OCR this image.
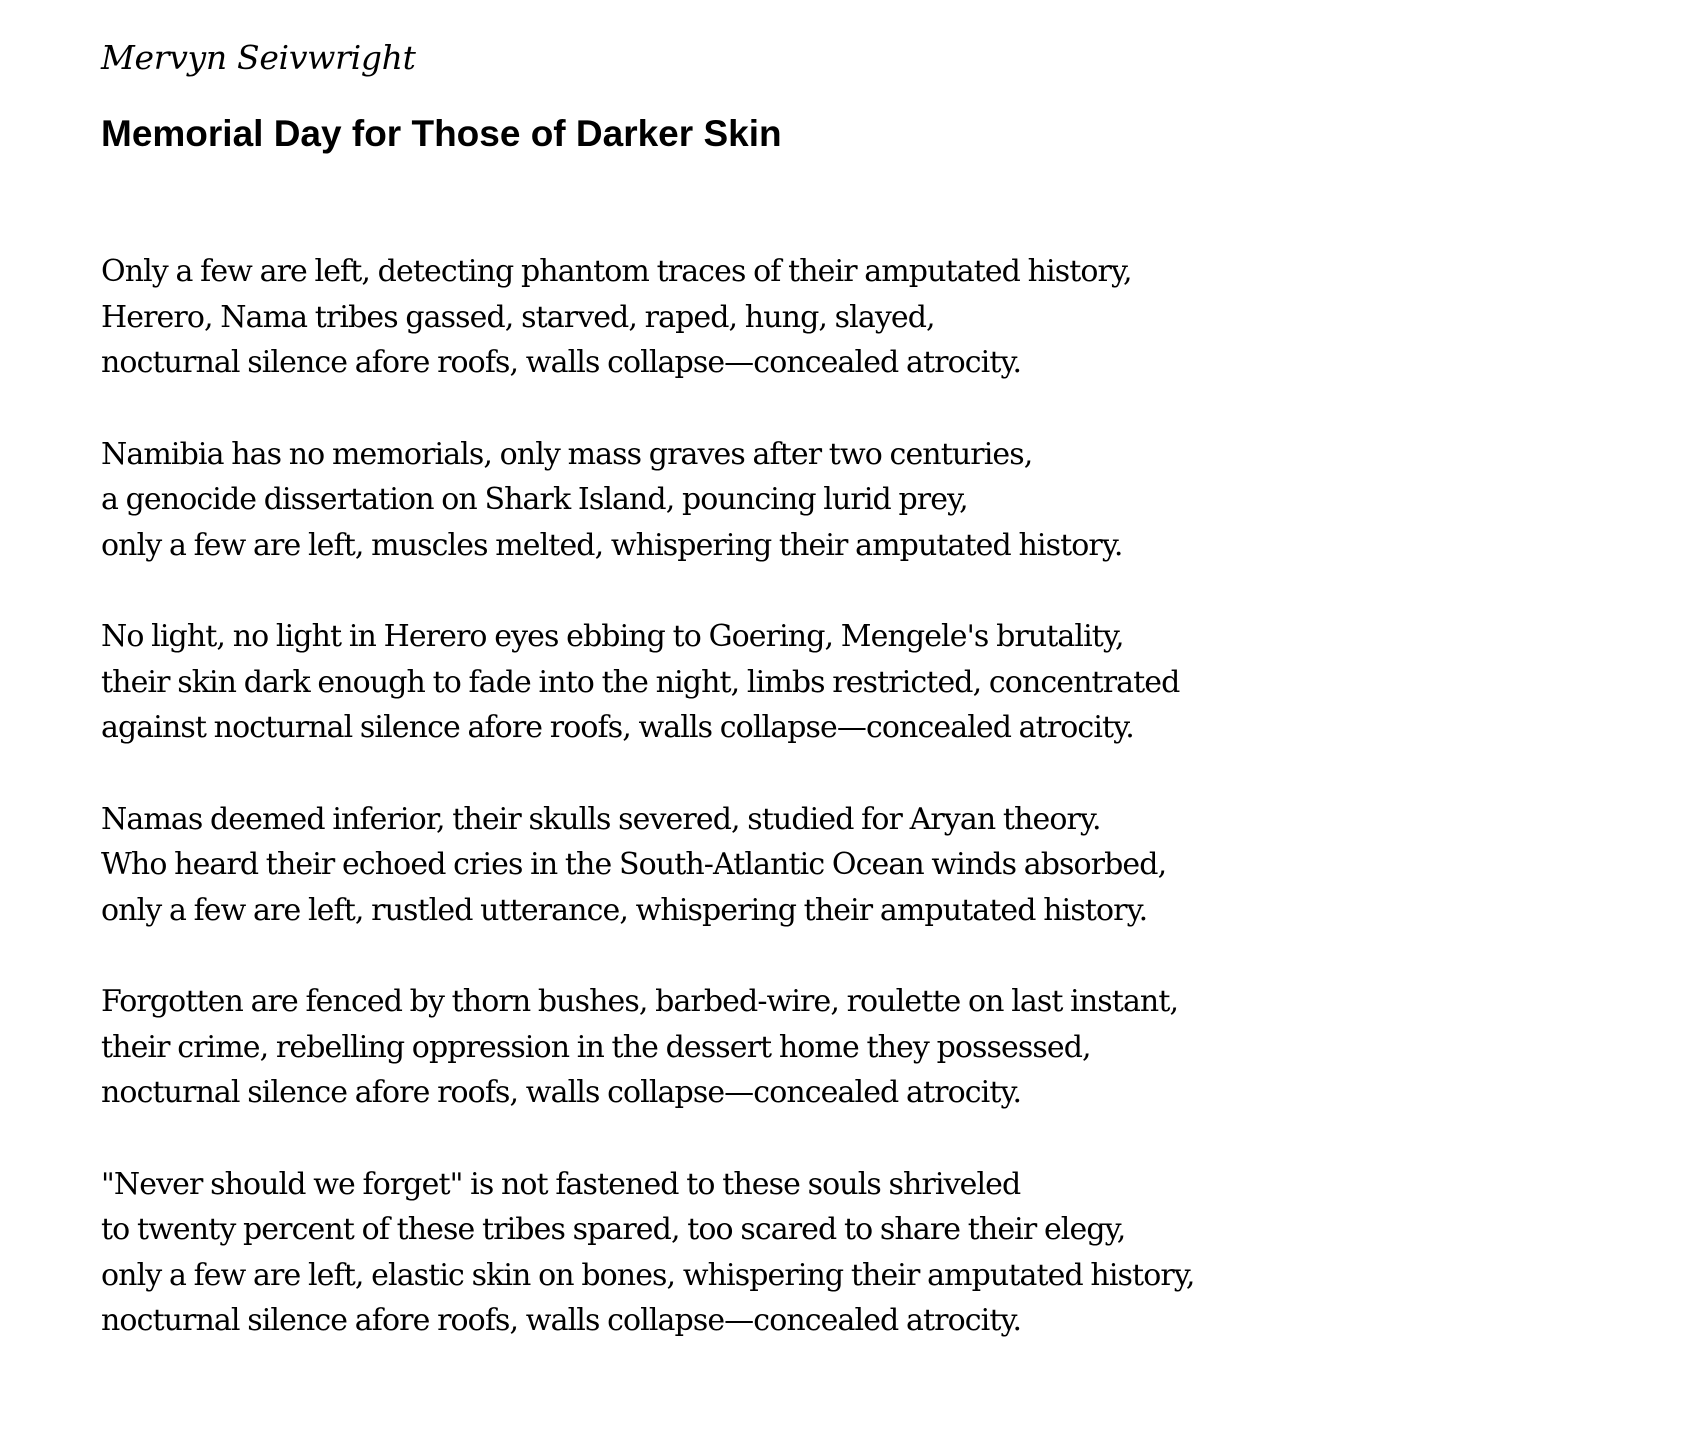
Mervyn Seivwright
Memorial Day for Those of Darker Skin
Only a few are left, detecting phantom traces of their amputated history,
Herero, Nama tribes gassed, starved, raped, hung, slayed,
nocturnal silence afore roofs, walls collapse—concealed atrocity.
Namibia has no memorials, only mass graves after two centuries,
a genocide dissertation on Shark Island, pouncing lurid prey,
only a few are left, muscles melted, whispering their amputated history.
No light, no light in Herero eyes ebbing to Goering, Mengele's brutality,
their skin dark enough to fade into the night, limbs restricted, concentrated
against nocturnal silence afore roofs, walls collapse—concealed atrocity.
Namas deemed inferior, their skulls severed, studied for Aryan theory.
Who heard their echoed cries in the South-Atlantic Ocean winds absorbed,
only a few are left, rustled utterance, whispering their amputated history.
Forgotten are fenced by thorn bushes, barbed-wire, roulette on last instant,
their crime, rebelling oppression in the dessert home they possessed,
nocturnal silence afore roofs, walls collapse—concealed atrocity.
"Never should we forget" is not fastened to these souls shriveled
to twenty percent of these tribes spared, too scared to share their elegy,
only a few are left, elastic skin on bones, whispering their amputated history,
nocturnal silence afore roofs, walls collapse—concealed atrocity.
